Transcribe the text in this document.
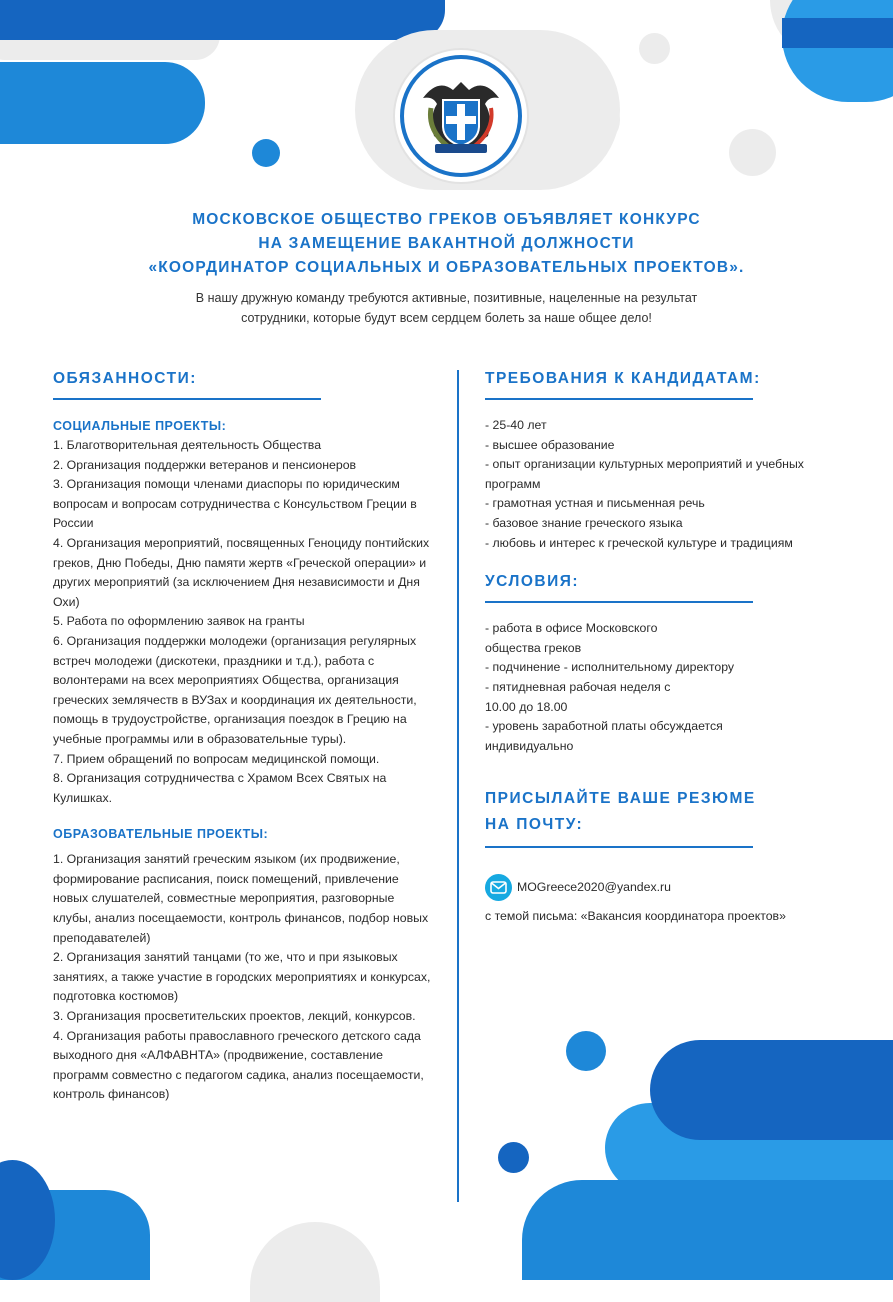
МОСКОВСКОЕ ОБЩЕСТВО ГРЕКОВ ОБЪЯВЛЯЕТ КОНКУРС
НА ЗАМЕЩЕНИЕ ВАКАНТНОЙ ДОЛЖНОСТИ
«КООРДИНАТОР СОЦИАЛЬНЫХ И ОБРАЗОВАТЕЛЬНЫХ ПРОЕКТОВ».
В нашу дружную команду требуются активные, позитивные, нацеленные на результат
сотрудники, которые будут всем сердцем болеть за наше общее дело!

ОБЯЗАННОСТИ:

СОЦИАЛЬНЫЕ ПРОЕКТЫ:

1. Благотворительная деятельность Общества

2. Организация поддержки ветеранов и пенсионеров

3. Организация помощи членами диаспоры по юридическим вопросам и вопросам сотрудничества с Консульством Греции в России

4. Организация мероприятий, посвященных Геноциду понтийских греков, Дню Победы, Дню памяти жертв «Греческой операции» и других мероприятий (за исключением Дня независимости и Дня Охи)

5. Работа по оформлению заявок на гранты

6. Организация поддержки молодежи (организация регулярных встреч молодежи (дискотеки, праздники и т.д.), работа с волонтерами на всех мероприятиях Общества, организация греческих землячеств в ВУЗах и координация их деятельности, помощь в трудоустройстве, организация поездок в Грецию на учебные программы или в образовательные туры).

7. Прием обращений по вопросам медицинской помощи.

8. Организация сотрудничества с Храмом Всех Святых на Кулишках.

ОБРАЗОВАТЕЛЬНЫЕ ПРОЕКТЫ:

1. Организация занятий греческим языком (их продвижение, формирование расписания, поиск помещений, привлечение новых слушателей, совместные мероприятия, разговорные клубы, анализ посещаемости, контроль финансов, подбор новых преподавателей)

2. Организация занятий танцами (то же, что и при языковых занятиях, а также участие в городских мероприятиях и конкурсах, подготовка костюмов)

3. Организация просветительских проектов, лекций, конкурсов.

4. Организация работы православного греческого детского сада выходного дня «АЛФАВНТА» (продвижение, составление программ совместно с педагогом садика, анализ посещаемости, контроль финансов)

ТРЕБОВАНИЯ К КАНДИДАТАМ:

- 25-40 лет

- высшее образование

- опыт организации культурных мероприятий и учебных программ

- грамотная устная и письменная речь

- базовое знание греческого языка

- любовь и интерес к греческой культуре и традициям

УСЛОВИЯ:

- работа в офисе Московского

общества греков

- подчинение - исполнительному директору

- пятидневная рабочая неделя с

10.00 до 18.00

- уровень заработной платы обсуждается

индивидуально

ПРИСЫЛАЙТЕ ВАШЕ РЕЗЮМЕ

НА ПОЧТУ:

MOGreece2020@yandex.ru

с темой письма: «Вакансия координатора проектов»
